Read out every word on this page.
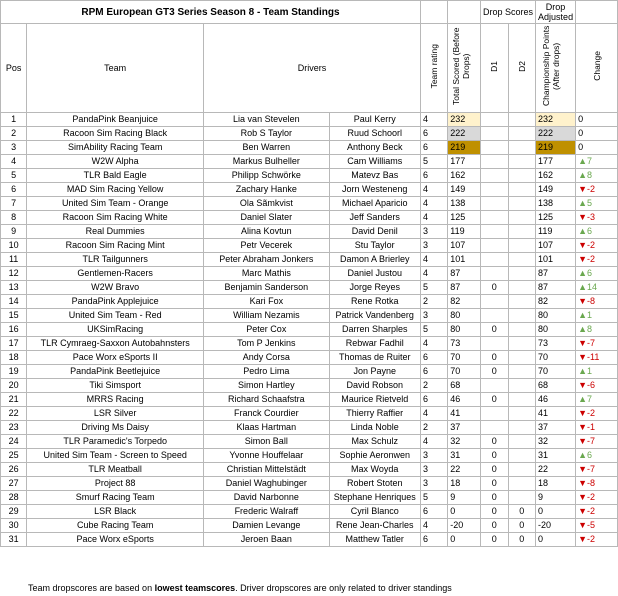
RPM European GT3 Series Season 8 - Team Standings						Drop Scores		Drop Adjusted	
Pos	Team	Drivers		Team rating	Total Scored (Before Drops)	D1	D2	Championship Points (After drops)	Change
1	PandaPink Beanjuice	Lia van Stevelen	Paul Kerry	4	232			232	0
2	Racoon Sim Racing Black	Rob S Taylor	Ruud Schoorl	6	222			222	0
3	SimAbility Racing Team	Ben Warren	Anthony Beck	6	219			219	0
4	W2W Alpha	Markus Bulheller	Cam Williams	5	177			177	▲7
5	TLR Bald Eagle	Philipp Schwörke	Matevz Bas	6	162			162	▲8
6	MAD Sim Racing Yellow	Zachary Hanke	Jorn Westeneng	4	149			149	▼-2
7	United Sim Team - Orange	Ola Sãmkvist	Michael Aparicio	4	138			138	▲5
8	Racoon Sim Racing White	Daniel Slater	Jeff Sanders	4	125			125	▼-3
9	Real Dummies	Alina Kovtun	David Denil	3	119			119	▲6
10	Racoon Sim Racing Mint	Petr Vecerek	Stu Taylor	3	107			107	▼-2
11	TLR Tailgunners	Peter Abraham Jonkers	Damon A Brierley	4	101			101	▼-2
12	Gentlemen-Racers	Marc Mathis	Daniel Justou	4	87			87	▲6
13	W2W Bravo	Benjamin Sanderson	Jorge Reyes	5	87	0		87	▲14
14	PandaPink Applejuice	Kari Fox	Rene Rotka	2	82			82	▼-8
15	United Sim Team - Red	William Nezamis	Patrick Vandenberg	3	80			80	▲1
16	UKSimRacing	Peter Cox	Darren Sharples	5	80	0		80	▲8
17	TLR Cymraeg-Saxxon Autobahnsters	Tom P Jenkins	Rebwar Fadhil	4	73			73	▼-7
18	Pace Worx eSports II	Andy Corsa	Thomas de Ruiter	6	70	0		70	▼-11
19	PandaPink Beetlejuice	Pedro Lima	Jon Payne	6	70	0		70	▲1
20	Tiki Simsport	Simon Hartley	David Robson	2	68			68	▼-6
21	MRRS Racing	Richard Schaafstra	Maurice Rietveld	6	46	0		46	▲7
22	LSR Silver	Franck Courdier	Thierry Raffier	4	41			41	▼-2
23	Driving Ms Daisy	Klaas Hartman	Linda Noble	2	37			37	▼-1
24	TLR Paramedic's Torpedo	Simon Ball	Max Schulz	4	32	0		32	▼-7
25	United Sim Team - Screen to Speed	Yvonne Houffelaar	Sophie Aeronwen	3	31	0		31	▲6
26	TLR Meatball	Christian Mittelstädt	Max Woyda	3	22	0		22	▼-7
27	Project 88	Daniel Waghubinger	Robert Stoten	3	18	0		18	▼-8
28	Smurf Racing Team	David Narbonne	Stephane Henriques	5	9	0		9	▼-2
29	LSR Black	Frederic Walraff	Cyril Blanco	6	0	0	0	0	▼-2
30	Cube Racing Team	Damien Levange	Rene Jean-Charles	4	-20	0	0	-20	▼-5
31	Pace Worx eSports	Jeroen Baan	Matthew Tatler	6	0	0	0	0	▼-2
Team dropscores are based on lowest teamscores. Driver dropscores are only related to driver standings
